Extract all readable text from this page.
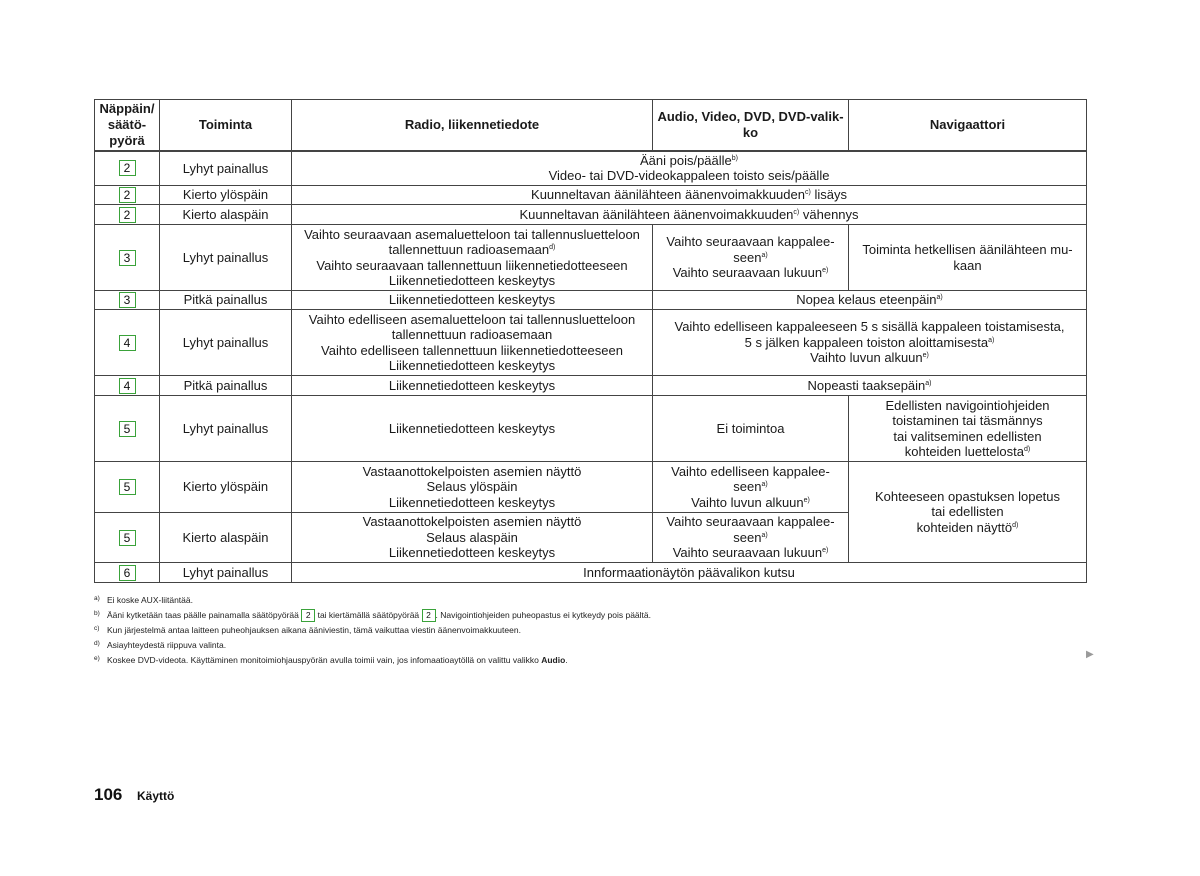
Näppäin/
säätö-
pyörä	Toiminta	Radio, liikennetiedote	Audio, Video, DVD, DVD-valik-
ko	Navigaattori
2	Lyhyt painallus	Ääni pois/päälle$^{b)}$
Video- tai DVD-videokappaleen toisto seis/päälle		

2	Kierto ylöspäin	Kuunneltavan äänilähteen äänenvoimakkuuden$^{c)}$ lisäys		
2	Kierto alaspäin	Kuunneltavan äänilähteen äänenvoimakkuuden$^{c)}$ vähennys		
3	Lyhyt painallus	Vaihto seuraavaan asemaluetteloon tai tallennusluetteloon
tallennettuun radioasemaan$^{d)}$
Vaihto seuraavaan tallennettuun liikennetiedotteeseen
Liikennetiedotteen keskeytys	Vaihto seuraavaan kappalee-
seen$^{a)}$
Vaihto seuraavaan lukuun$^{e)}$	Toiminta hetkellisen äänilähteen mu-
kaan

3	Pitkä painallus	Liikennetiedotteen keskeytys	Nopea kelaus eteenpäin$^{a)}$
4	Lyhyt painallus	Vaihto edelliseen asemaluetteloon tai tallennusluetteloon
tallennettuun radioasemaan
Vaihto edelliseen tallennettuun liikennetiedotteeseen
Liikennetiedotteen keskeytys	Vaihto edelliseen kappaleeseen 5 s sisällä kappaleen toistamisesta,
5 s jälken kappaleen toiston aloittamisesta$^{a)}$
Vaihto luvun alkuun$^{e)}$

4	Pitkä painallus	Liikennetiedotteen keskeytys	Nopeasti taaksepäin$^{a)}$
5	Lyhyt painallus	Liikennetiedotteen keskeytys	Ei toimintoa	Edellisten navigointiohjeiden
toistaminen tai täsmännys
tai valitseminen edellisten
kohteiden luettelosta$^{d)}$

5	Kierto ylöspäin	Vastaanottokelpoisten asemien näyttö
Selaus ylöspäin
Liikennetiedotteen keskeytys	Vaihto edelliseen kappalee-
seen$^{a)}$
Vaihto luvun alkuun$^{e)}$	Kohteeseen opastuksen lopetus
tai edellisten
kohteiden näyttö$^{d)}$

5	Kierto alaspäin	Vastaanottokelpoisten asemien näyttö
Selaus alaspäin
Liikennetiedotteen keskeytys	Vaihto seuraavaan kappalee-
seen$^{a)}$
Vaihto seuraavaan lukuun$^{e)}$

6	Lyhyt painallus	Innformaationäytön päävalikon kutsu		
a) Ei koske AUX-liitäntää.
b) Ääni kytketään taas päälle painamalla säätöpyörää 2 tai kiertämällä säätöpyörää 2 . Navigointiohjeiden puheopastus ei kytkeydy pois päältä.
c) Kun järjestelmä antaa laitteen puheohjauksen aikana ääniviestin, tämä vaikuttaa viestin äänenvoimakkuuteen.
d) Asiayhteydestä riippuva valinta.
e) Koskee DVD-videota. Käyttäminen monitoimiohjauspyörän avulla toimii vain, jos infomaatioaytöllä on valittu valikko Audio.	▶
106 Käyttö
